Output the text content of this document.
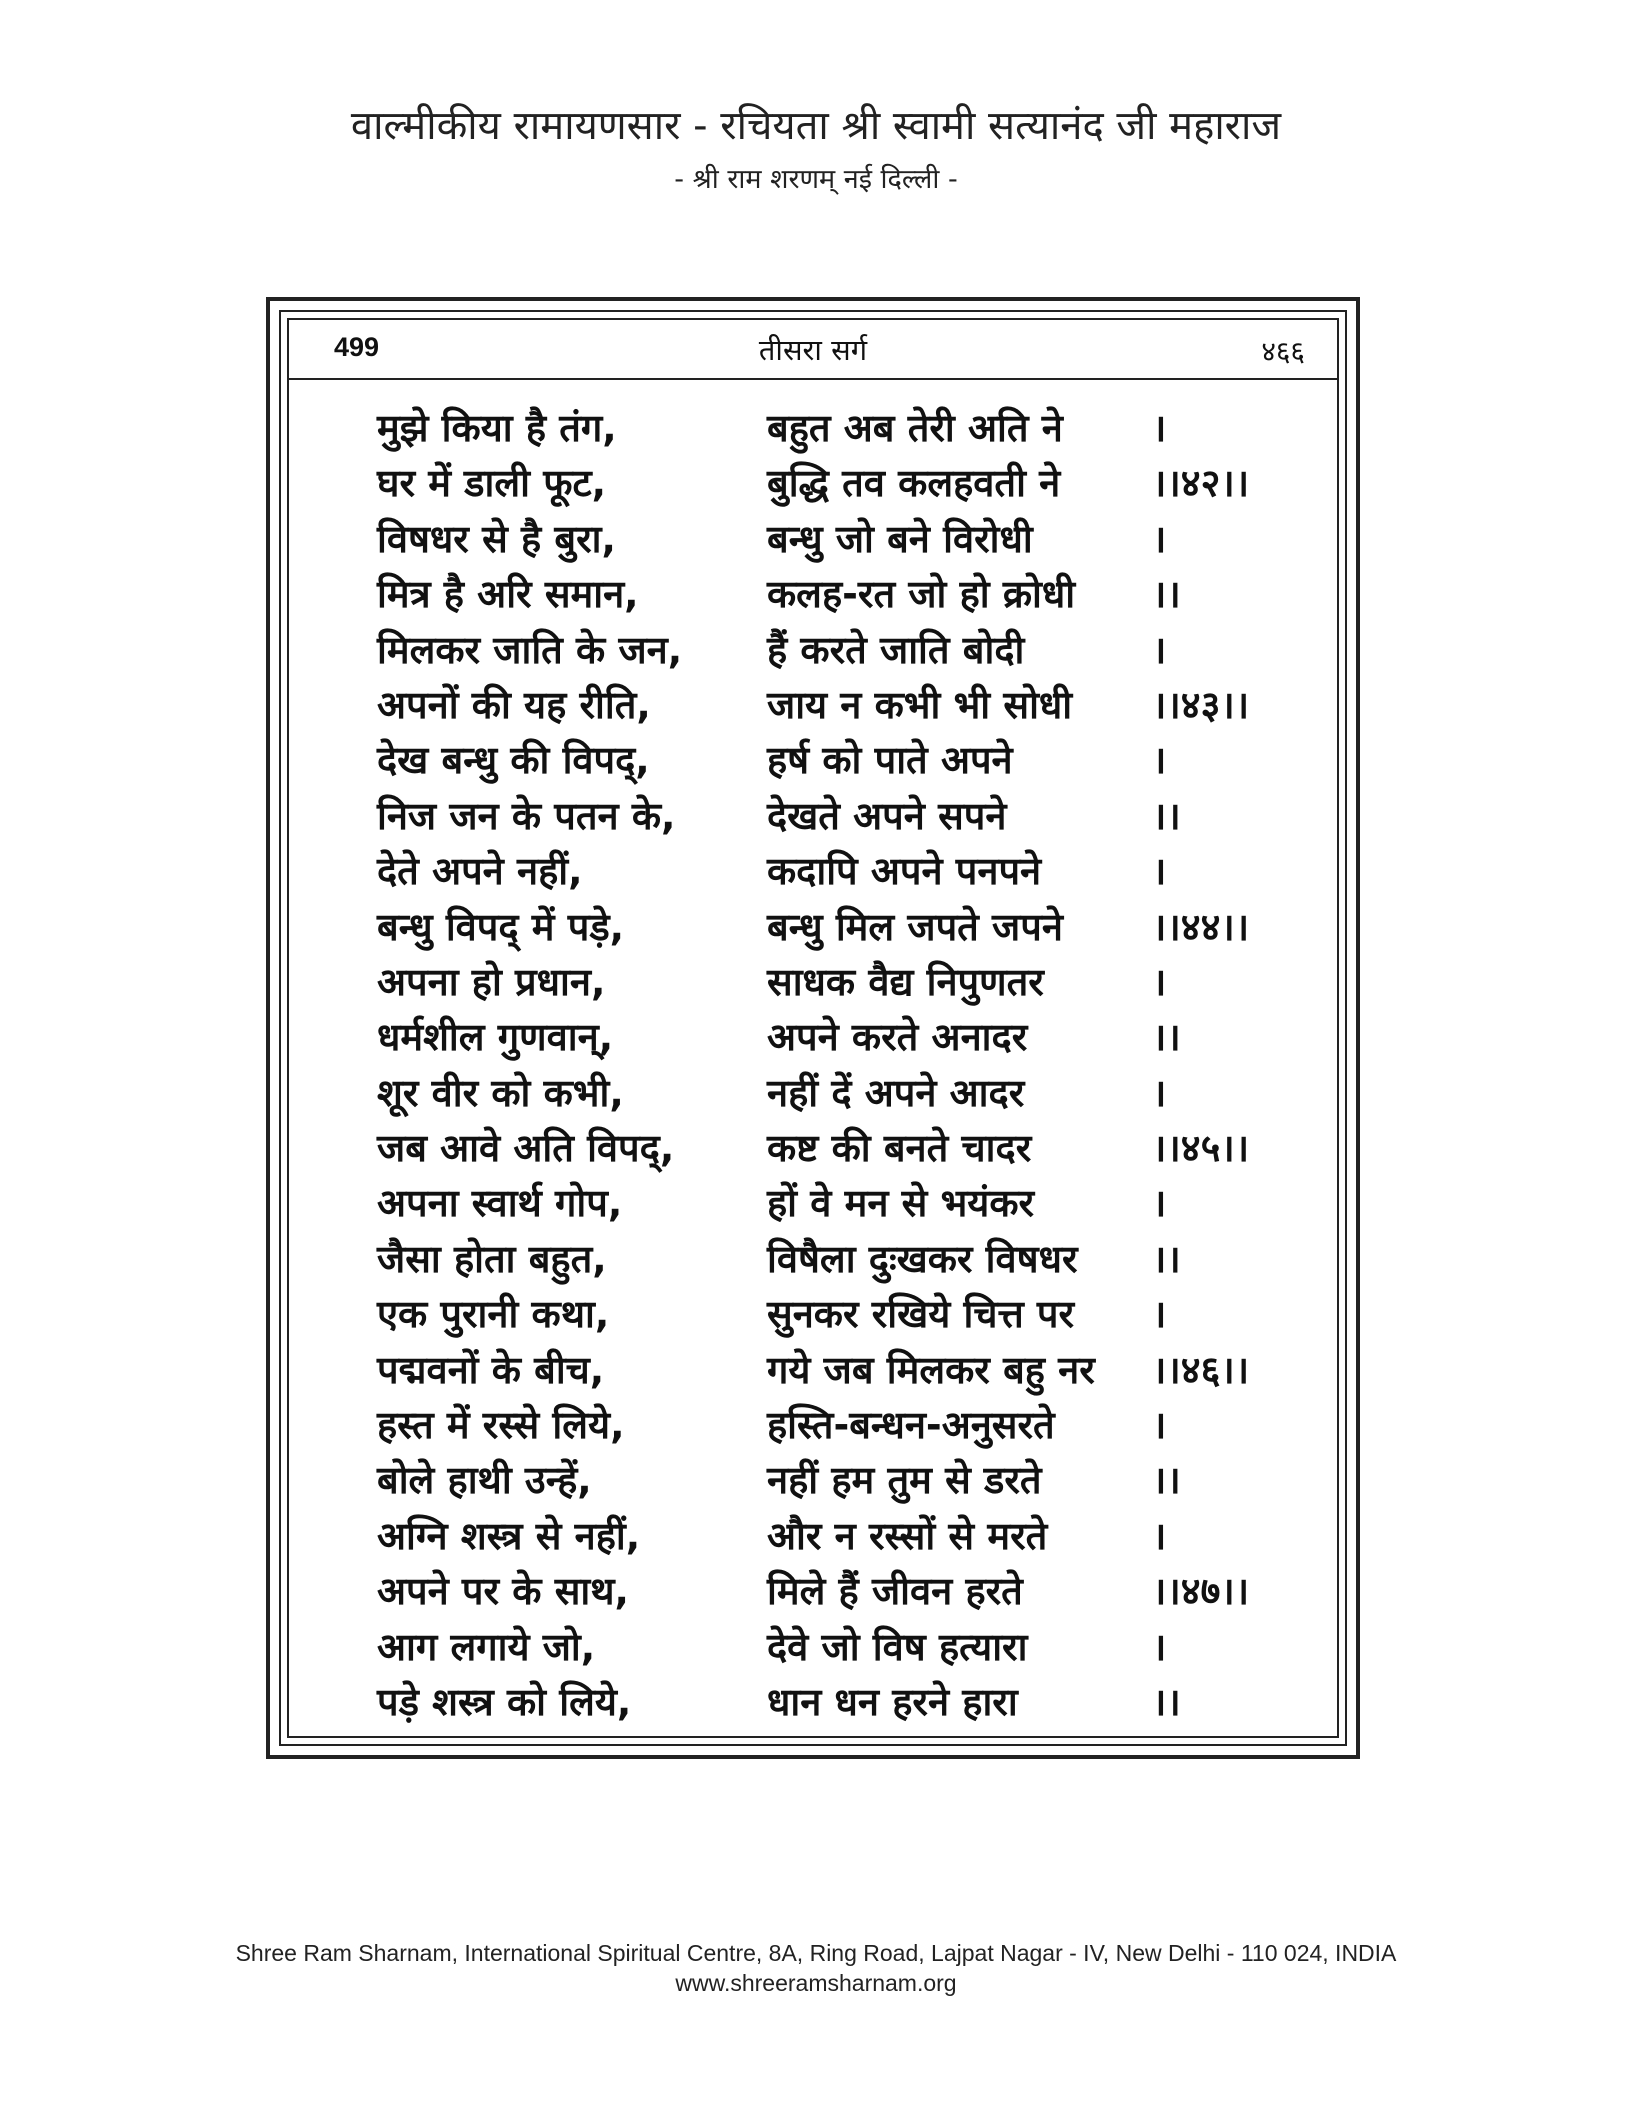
वाल्मीकीय रामायणसार - रचियता श्री स्वामी सत्यानंद जी महाराज
- श्री राम शरणम् नई दिल्ली -
499	तीसरा सर्ग	४६६
मुझे किया है तंग,	बहुत अब तेरी अति ने	।
घर में डाली फूट,	बुद्धि तव कलहवती ने	।।४२।।
विषधर से है बुरा,	बन्धु जो बने विरोधी	।
मित्र है अरि समान,	कलह-रत जो हो क्रोधी	।।
मिलकर जाति के जन,	हैं करते जाति बोदी	।
अपनों की यह रीति,	जाय न कभी भी सोधी	।।४३।।
देख बन्धु की विपद्,	हर्ष को पाते अपने	।
निज जन के पतन के,	देखते अपने सपने	।।
देते अपने नहीं,	कदापि अपने पनपने	।
बन्धु विपद् में पड़े,	बन्धु मिल जपते जपने	।।४४।।
अपना हो प्रधान,	साधक वैद्य निपुणतर	।
धर्मशील गुणवान्,	अपने करते अनादर	।।
शूर वीर को कभी,	नहीं दें अपने आदर	।
जब आवे अति विपद्,	कष्ट की बनते चादर	।।४५।।
अपना स्वार्थ गोप,	हों वे मन से भयंकर	।
जैसा होता बहुत,	विषैला दुःखकर विषधर	।।
एक पुरानी कथा,	सुनकर रखिये चित्त पर	।
पद्मवनों के बीच,	गये जब मिलकर बहु नर	।।४६।।
हस्त में रस्से लिये,	हस्ति-बन्धन-अनुसरते	।
बोले हाथी उन्हें,	नहीं हम तुम से डरते	।।
अग्नि शस्त्र से नहीं,	और न रस्सों से मरते	।
अपने पर के साथ,	मिले हैं जीवन हरते	।।४७।।
आग लगाये जो,	देवे जो विष हत्यारा	।
पड़े शस्त्र को लिये,	धान धन हरने हारा	।।
Shree Ram Sharnam, International Spiritual Centre, 8A, Ring Road, Lajpat Nagar - IV, New Delhi - 110 024, INDIA
www.shreeramsharnam.org
